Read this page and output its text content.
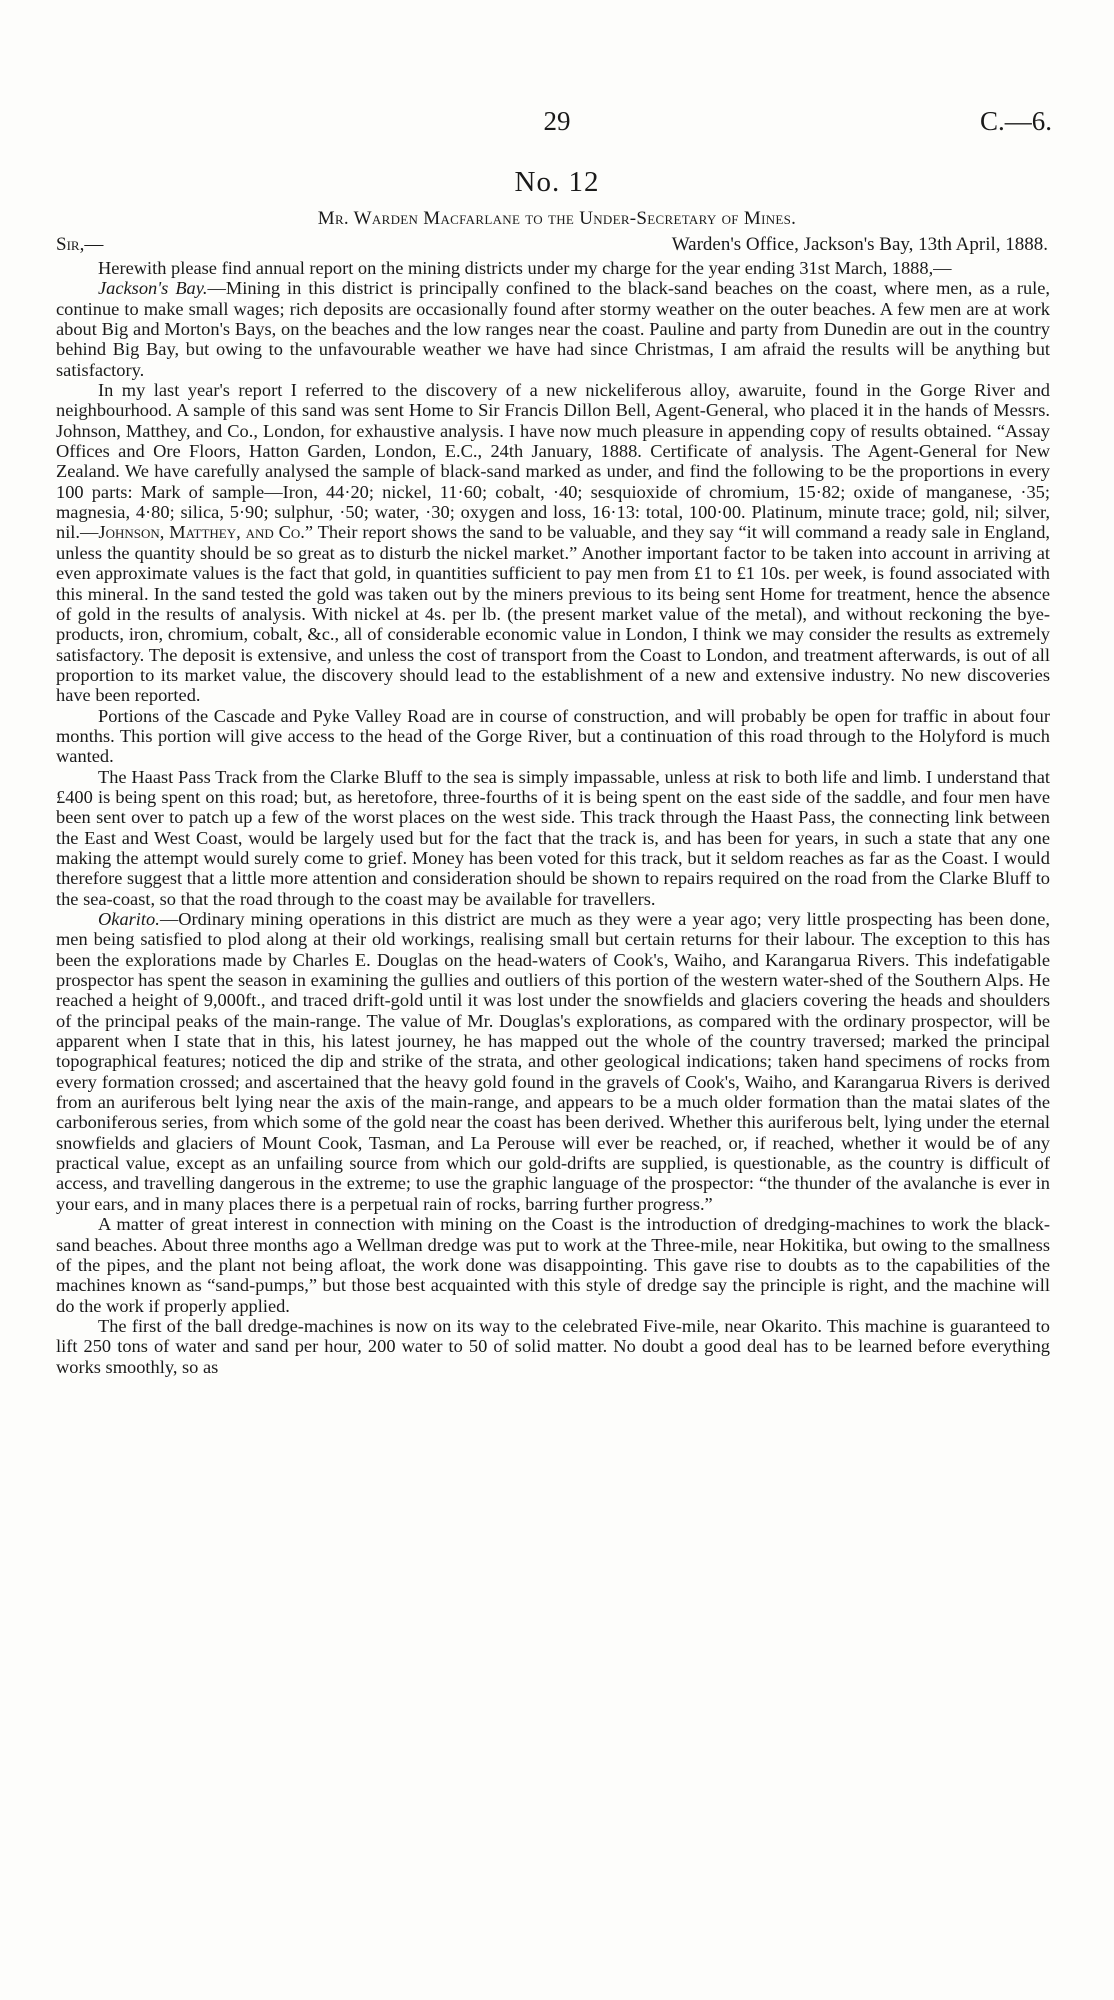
29	C.—6.
No. 12
Mr. Warden Macfarlane to the Under-Secretary of Mines.
Sir,—	Warden's Office, Jackson's Bay, 13th April, 1888.

Herewith please find annual report on the mining districts under my charge for the year ending 31st March, 1888,—

Jackson's Bay.—Mining in this district is principally confined to the black-sand beaches on the coast, where men, as a rule, continue to make small wages; rich deposits are occasionally found after stormy weather on the outer beaches. A few men are at work about Big and Morton's Bays, on the beaches and the low ranges near the coast. Pauline and party from Dunedin are out in the country behind Big Bay, but owing to the unfavourable weather we have had since Christmas, I am afraid the results will be anything but satisfactory.

In my last year's report I referred to the discovery of a new nickeliferous alloy, awaruite, found in the Gorge River and neighbourhood. A sample of this sand was sent Home to Sir Francis Dillon Bell, Agent-General, who placed it in the hands of Messrs. Johnson, Matthey, and Co., London, for exhaustive analysis. I have now much pleasure in appending copy of results obtained. “Assay Offices and Ore Floors, Hatton Garden, London, E.C., 24th January, 1888. Certificate of analysis. The Agent-General for New Zealand. We have carefully analysed the sample of black-sand marked as under, and find the following to be the proportions in every 100 parts: Mark of sample—Iron, 44·20; nickel, 11·60; cobalt, ·40; sesquioxide of chromium, 15·82; oxide of manganese, ·35; magnesia, 4·80; silica, 5·90; sulphur, ·50; water, ·30; oxygen and loss, 16·13: total, 100·00. Platinum, minute trace; gold, nil; silver, nil.—Johnson, Matthey, and Co.” Their report shows the sand to be valuable, and they say “it will command a ready sale in England, unless the quantity should be so great as to disturb the nickel market.” Another important factor to be taken into account in arriving at even approximate values is the fact that gold, in quantities sufficient to pay men from £1 to £1 10s. per week, is found associated with this mineral. In the sand tested the gold was taken out by the miners previous to its being sent Home for treatment, hence the absence of gold in the results of analysis. With nickel at 4s. per lb. (the present market value of the metal), and without reckoning the bye-products, iron, chromium, cobalt, &c., all of considerable economic value in London, I think we may consider the results as extremely satisfactory. The deposit is extensive, and unless the cost of transport from the Coast to London, and treatment afterwards, is out of all proportion to its market value, the discovery should lead to the establishment of a new and extensive industry. No new discoveries have been reported.

Portions of the Cascade and Pyke Valley Road are in course of construction, and will probably be open for traffic in about four months. This portion will give access to the head of the Gorge River, but a continuation of this road through to the Holyford is much wanted.

The Haast Pass Track from the Clarke Bluff to the sea is simply impassable, unless at risk to both life and limb. I understand that £400 is being spent on this road; but, as heretofore, three-fourths of it is being spent on the east side of the saddle, and four men have been sent over to patch up a few of the worst places on the west side. This track through the Haast Pass, the connecting link between the East and West Coast, would be largely used but for the fact that the track is, and has been for years, in such a state that any one making the attempt would surely come to grief. Money has been voted for this track, but it seldom reaches as far as the Coast. I would therefore suggest that a little more attention and consideration should be shown to repairs required on the road from the Clarke Bluff to the sea-coast, so that the road through to the coast may be available for travellers.

Okarito.—Ordinary mining operations in this district are much as they were a year ago; very little prospecting has been done, men being satisfied to plod along at their old workings, realising small but certain returns for their labour. The exception to this has been the explorations made by Charles E. Douglas on the head-waters of Cook's, Waiho, and Karangarua Rivers. This indefatigable prospector has spent the season in examining the gullies and outliers of this portion of the western water-shed of the Southern Alps. He reached a height of 9,000ft., and traced drift-gold until it was lost under the snowfields and glaciers covering the heads and shoulders of the principal peaks of the main-range. The value of Mr. Douglas's explorations, as compared with the ordinary prospector, will be apparent when I state that in this, his latest journey, he has mapped out the whole of the country traversed; marked the principal topographical features; noticed the dip and strike of the strata, and other geological indications; taken hand specimens of rocks from every formation crossed; and ascertained that the heavy gold found in the gravels of Cook's, Waiho, and Karangarua Rivers is derived from an auriferous belt lying near the axis of the main-range, and appears to be a much older formation than the matai slates of the carboniferous series, from which some of the gold near the coast has been derived. Whether this auriferous belt, lying under the eternal snowfields and glaciers of Mount Cook, Tasman, and La Perouse will ever be reached, or, if reached, whether it would be of any practical value, except as an unfailing source from which our gold-drifts are supplied, is questionable, as the country is difficult of access, and travelling dangerous in the extreme; to use the graphic language of the prospector: “the thunder of the avalanche is ever in your ears, and in many places there is a perpetual rain of rocks, barring further progress.”

A matter of great interest in connection with mining on the Coast is the introduction of dredging-machines to work the black-sand beaches. About three months ago a Wellman dredge was put to work at the Three-mile, near Hokitika, but owing to the smallness of the pipes, and the plant not being afloat, the work done was disappointing. This gave rise to doubts as to the capabilities of the machines known as “sand-pumps,” but those best acquainted with this style of dredge say the principle is right, and the machine will do the work if properly applied.

The first of the ball dredge-machines is now on its way to the celebrated Five-mile, near Okarito. This machine is guaranteed to lift 250 tons of water and sand per hour, 200 water to 50 of solid matter. No doubt a good deal has to be learned before everything works smoothly, so as
